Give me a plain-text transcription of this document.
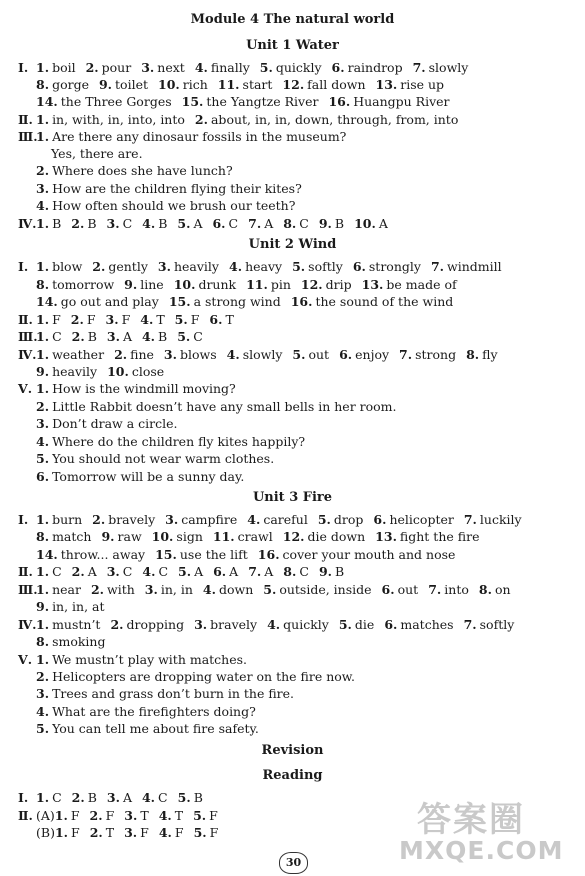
Module 4 The natural world
Unit 1 Water
Ⅰ. 1. boil 2. pour 3. next 4. finally 5. quickly 6. raindrop 7. slowly
8. gorge 9. toilet 10. rich 11. start 12. fall down 13. rise up
14. the Three Gorges 15. the Yangtze River 16. Huangpu River
Ⅱ. 1. in, with, in, into, into 2. about, in, in, down, through, from, into
Ⅲ.1. Are there any dinosaur fossils in the museum?
Yes, there are.
2. Where does she have lunch?
3. How are the children flying their kites?
4. How often should we brush our teeth?
Ⅳ.1. B 2. B 3. C 4. B 5. A 6. C 7. A 8. C 9. B 10. A
Unit 2 Wind
Ⅰ. 1. blow 2. gently 3. heavily 4. heavy 5. softly 6. strongly 7. windmill
8. tomorrow 9. line 10. drunk 11. pin 12. drip 13. be made of
14. go out and play 15. a strong wind 16. the sound of the wind
Ⅱ. 1. F 2. F 3. F 4. T 5. F 6. T
Ⅲ.1. C 2. B 3. A 4. B 5. C
Ⅳ.1. weather 2. fine 3. blows 4. slowly 5. out 6. enjoy 7. strong 8. fly
9. heavily 10. close
Ⅴ. 1. How is the windmill moving?
2. Little Rabbit doesn’t have any small bells in her room.
3. Don’t draw a circle.
4. Where do the children fly kites happily?
5. You should not wear warm clothes.
6. Tomorrow will be a sunny day.
Unit 3 Fire
Ⅰ. 1. burn 2. bravely 3. campfire 4. careful 5. drop 6. helicopter 7. luckily
8. match 9. raw 10. sign 11. crawl 12. die down 13. fight the fire
14. throw... away 15. use the lift 16. cover your mouth and nose
Ⅱ. 1. C 2. A 3. C 4. C 5. A 6. A 7. A 8. C 9. B
Ⅲ.1. near 2. with 3. in, in 4. down 5. outside, inside 6. out 7. into 8. on
9. in, in, at
Ⅳ.1. mustn’t 2. dropping 3. bravely 4. quickly 5. die 6. matches 7. softly
8. smoking
Ⅴ. 1. We mustn’t play with matches.
2. Helicopters are dropping water on the fire now.
3. Trees and grass don’t burn in the fire.
4. What are the firefighters doing?
5. You can tell me about fire safety.
Revision
Reading
Ⅰ. 1. C 2. B 3. A 4. C 5. B
Ⅱ. (A)1. F 2. F 3. T 4. T 5. F
(B)1. F 2. T 3. F 4. F 5. F
30
答案圈
MXQE.COM
